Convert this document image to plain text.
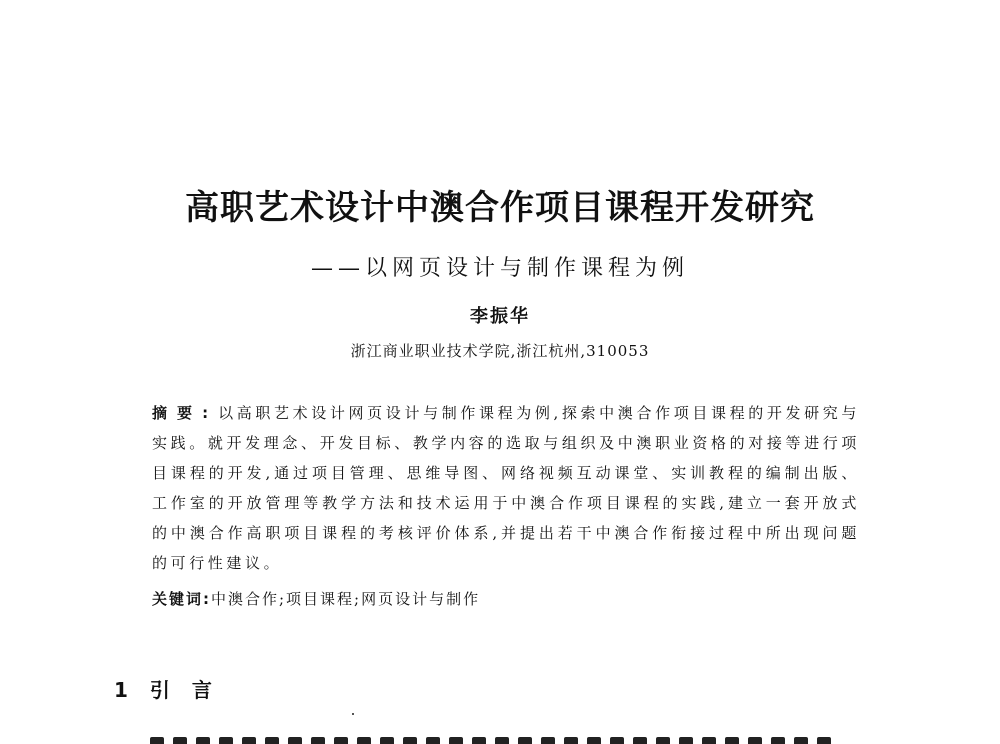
高职艺术设计中澳合作项目课程开发研究
——以网页设计与制作课程为例
李振华
浙江商业职业技术学院,浙江杭州,310053
摘要:以高职艺术设计网页设计与制作课程为例,探索中澳合作项目课程的开发研究与实践。就开发理念、开发目标、教学内容的选取与组织及中澳职业资格的对接等进行项目课程的开发,通过项目管理、思维导图、网络视频互动课堂、实训教程的编制出版、工作室的开放管理等教学方法和技术运用于中澳合作项目课程的实践,建立一套开放式的中澳合作高职项目课程的考核评价体系,并提出若干中澳合作衔接过程中所出现问题的可行性建议。
关键词:中澳合作;项目课程;网页设计与制作
1 引言
